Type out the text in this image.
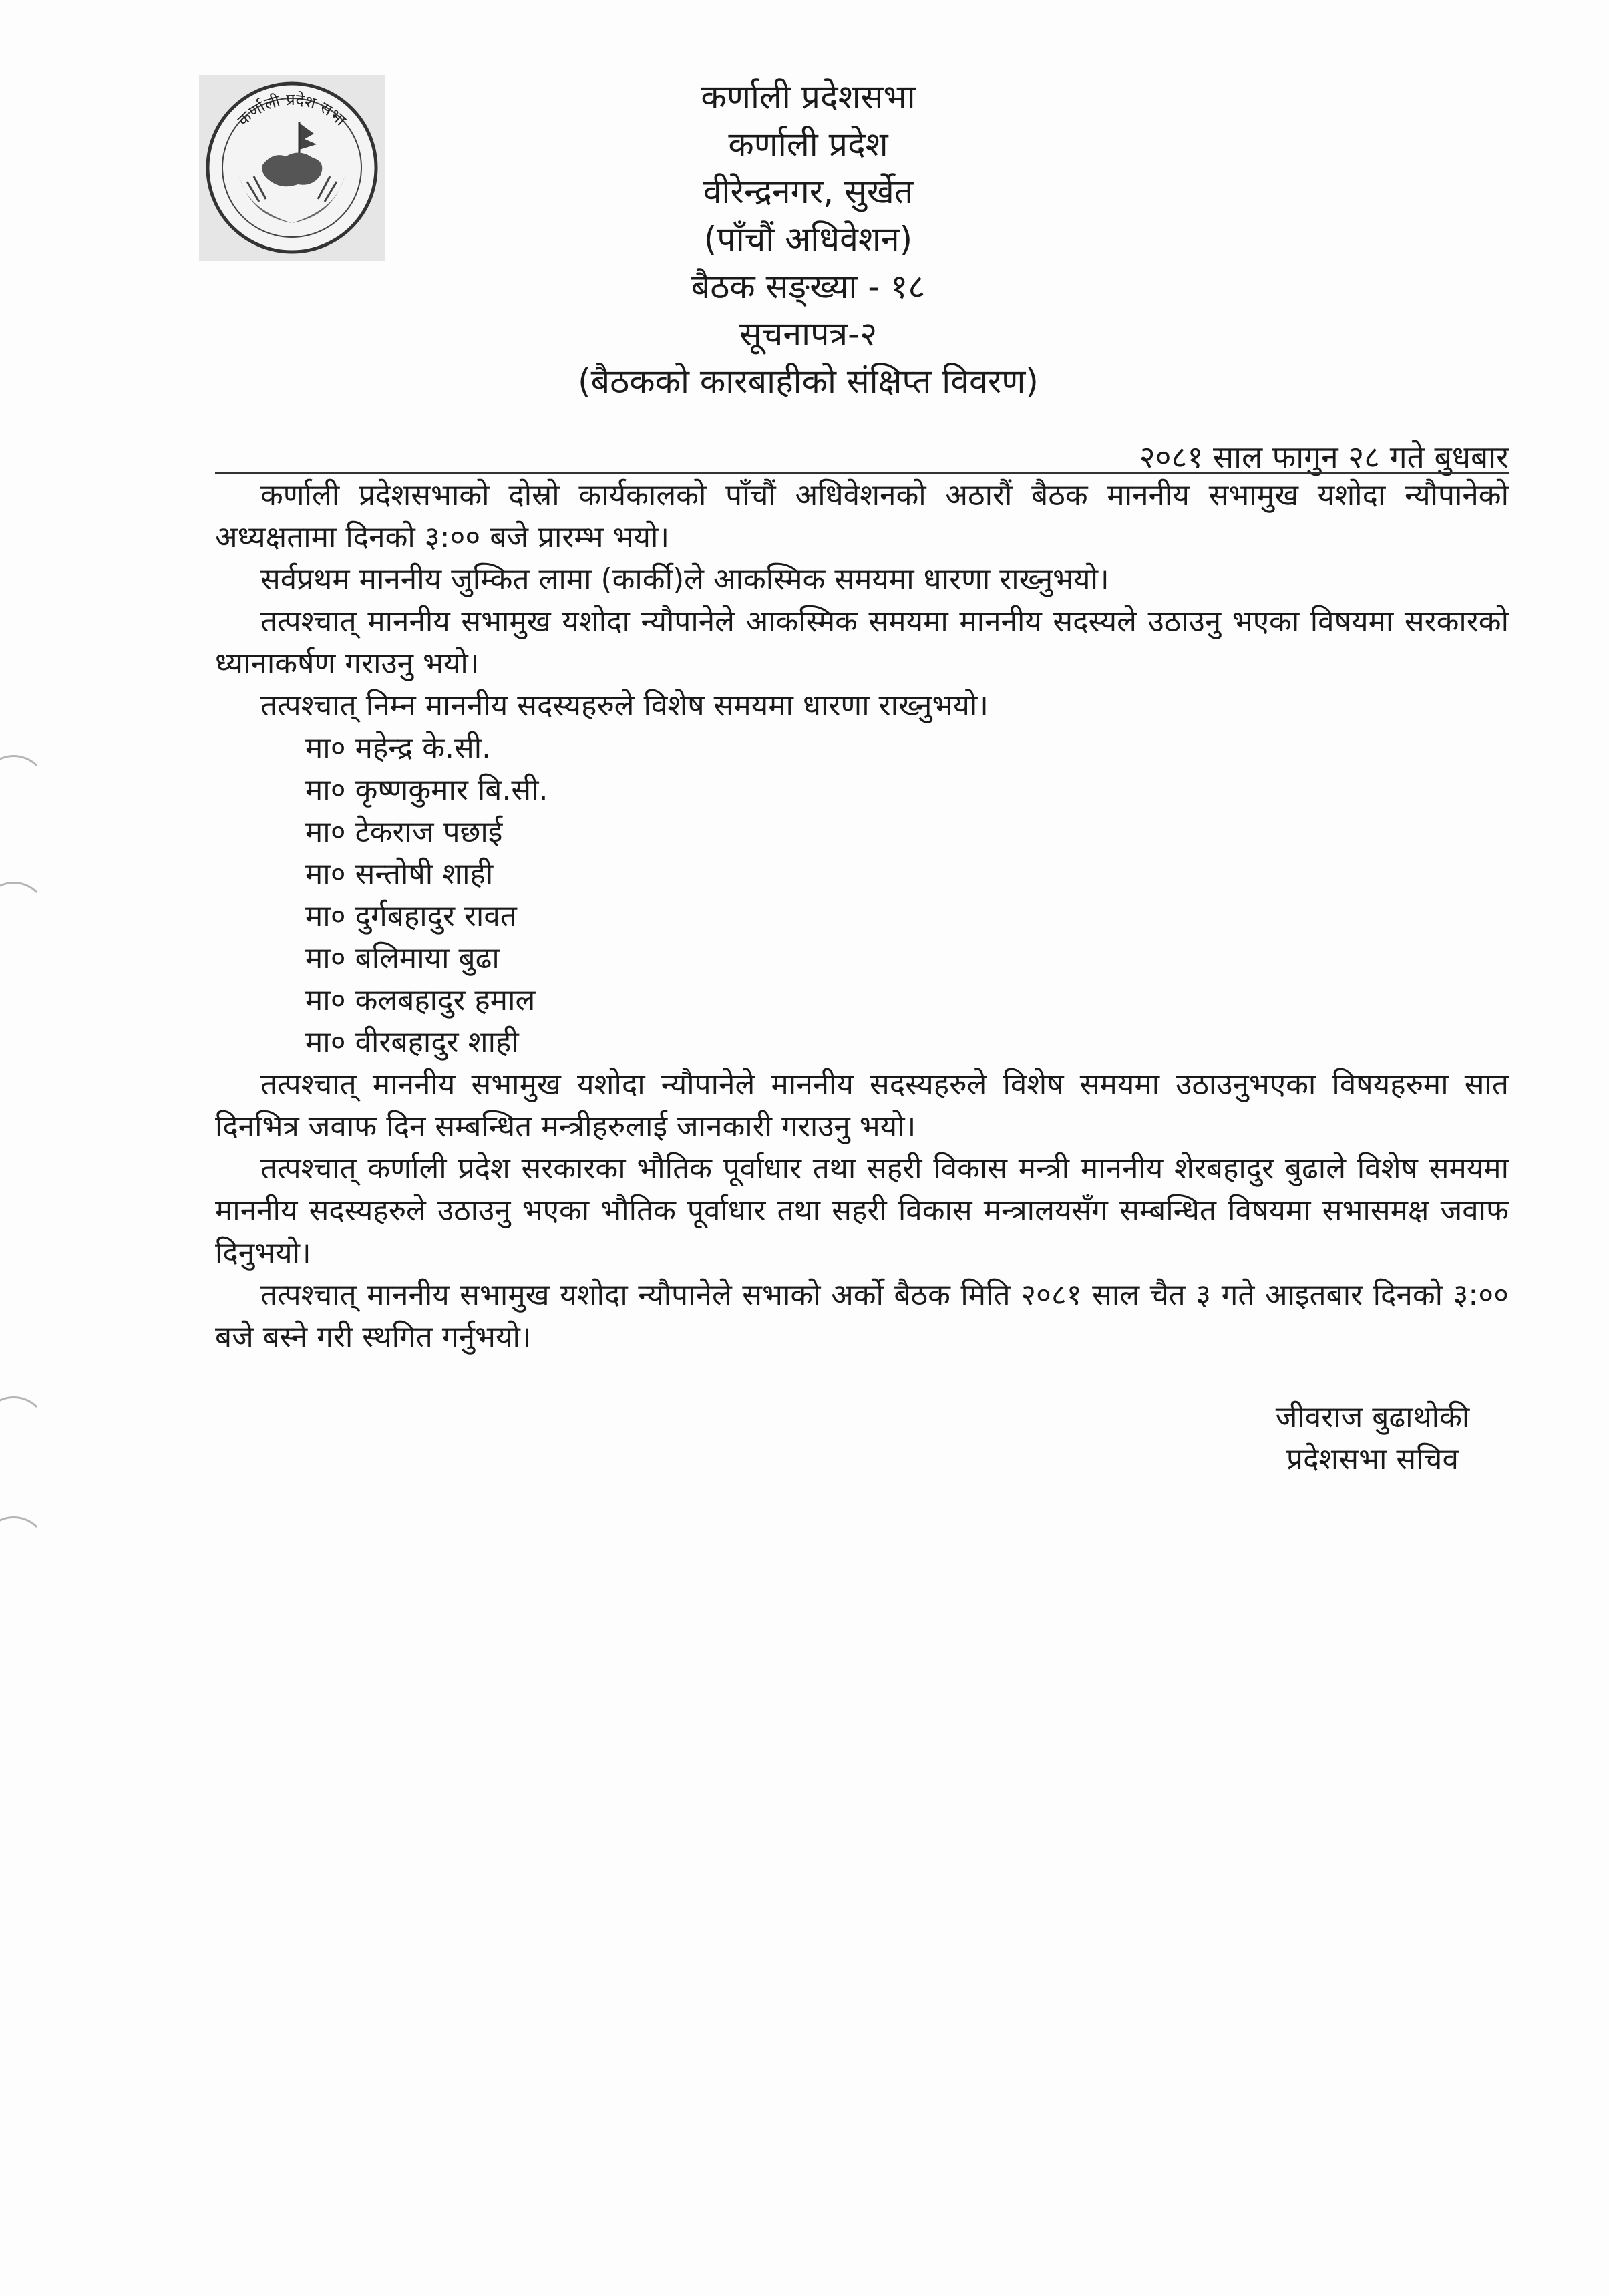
कर्णाली प्रदेश सभा
कर्णाली प्रदेशसभा
कर्णाली प्रदेश
वीरेन्द्रनगर, सुर्खेत
(पाँचौं अधिवेशन)
बैठक सङ्ख्या - १८
सूचनापत्र-२
(बैठकको कारबाहीको संक्षिप्त विवरण)
२०८१ साल फागुन २८ गते बुधबार

कर्णाली प्रदेशसभाको दोस्रो कार्यकालको पाँचौं अधिवेशनको अठारौं बैठक माननीय सभामुख यशोदा न्यौपानेको अध्यक्षतामा दिनको ३:०० बजे प्रारम्भ भयो।

सर्वप्रथम माननीय जुम्कित लामा (कार्की)ले आकस्मिक समयमा धारणा राख्नुभयो।

तत्पश्चात् माननीय सभामुख यशोदा न्यौपानेले आकस्मिक समयमा माननीय सदस्यले उठाउनु भएका विषयमा सरकारको ध्यानाकर्षण गराउनु भयो।

तत्पश्चात् निम्न माननीय सदस्यहरुले विशेष समयमा धारणा राख्नुभयो।

मा० महेन्द्र के.सी.
मा० कृष्णकुमार बि.सी.
मा० टेकराज पछाई
मा० सन्तोषी शाही
मा० दुर्गबहादुर रावत
मा० बलिमाया बुढा
मा० कलबहादुर हमाल
मा० वीरबहादुर शाही

तत्पश्चात् माननीय सभामुख यशोदा न्यौपानेले माननीय सदस्यहरुले विशेष समयमा उठाउनुभएका विषयहरुमा सात दिनभित्र जवाफ दिन सम्बन्धित मन्त्रीहरुलाई जानकारी गराउनु भयो।

तत्पश्चात् कर्णाली प्रदेश सरकारका भौतिक पूर्वाधार तथा सहरी विकास मन्त्री माननीय शेरबहादुर बुढाले विशेष समयमा माननीय सदस्यहरुले उठाउनु भएका भौतिक पूर्वाधार तथा सहरी विकास मन्त्रालयसँग सम्बन्धित विषयमा सभासमक्ष जवाफ दिनुभयो।

तत्पश्चात् माननीय सभामुख यशोदा न्यौपानेले सभाको अर्को बैठक मिति २०८१ साल चैत ३ गते आइतबार दिनको ३:०० बजे बस्ने गरी स्थगित गर्नुभयो।

जीवराज बुढाथोकी
प्रदेशसभा सचिव
